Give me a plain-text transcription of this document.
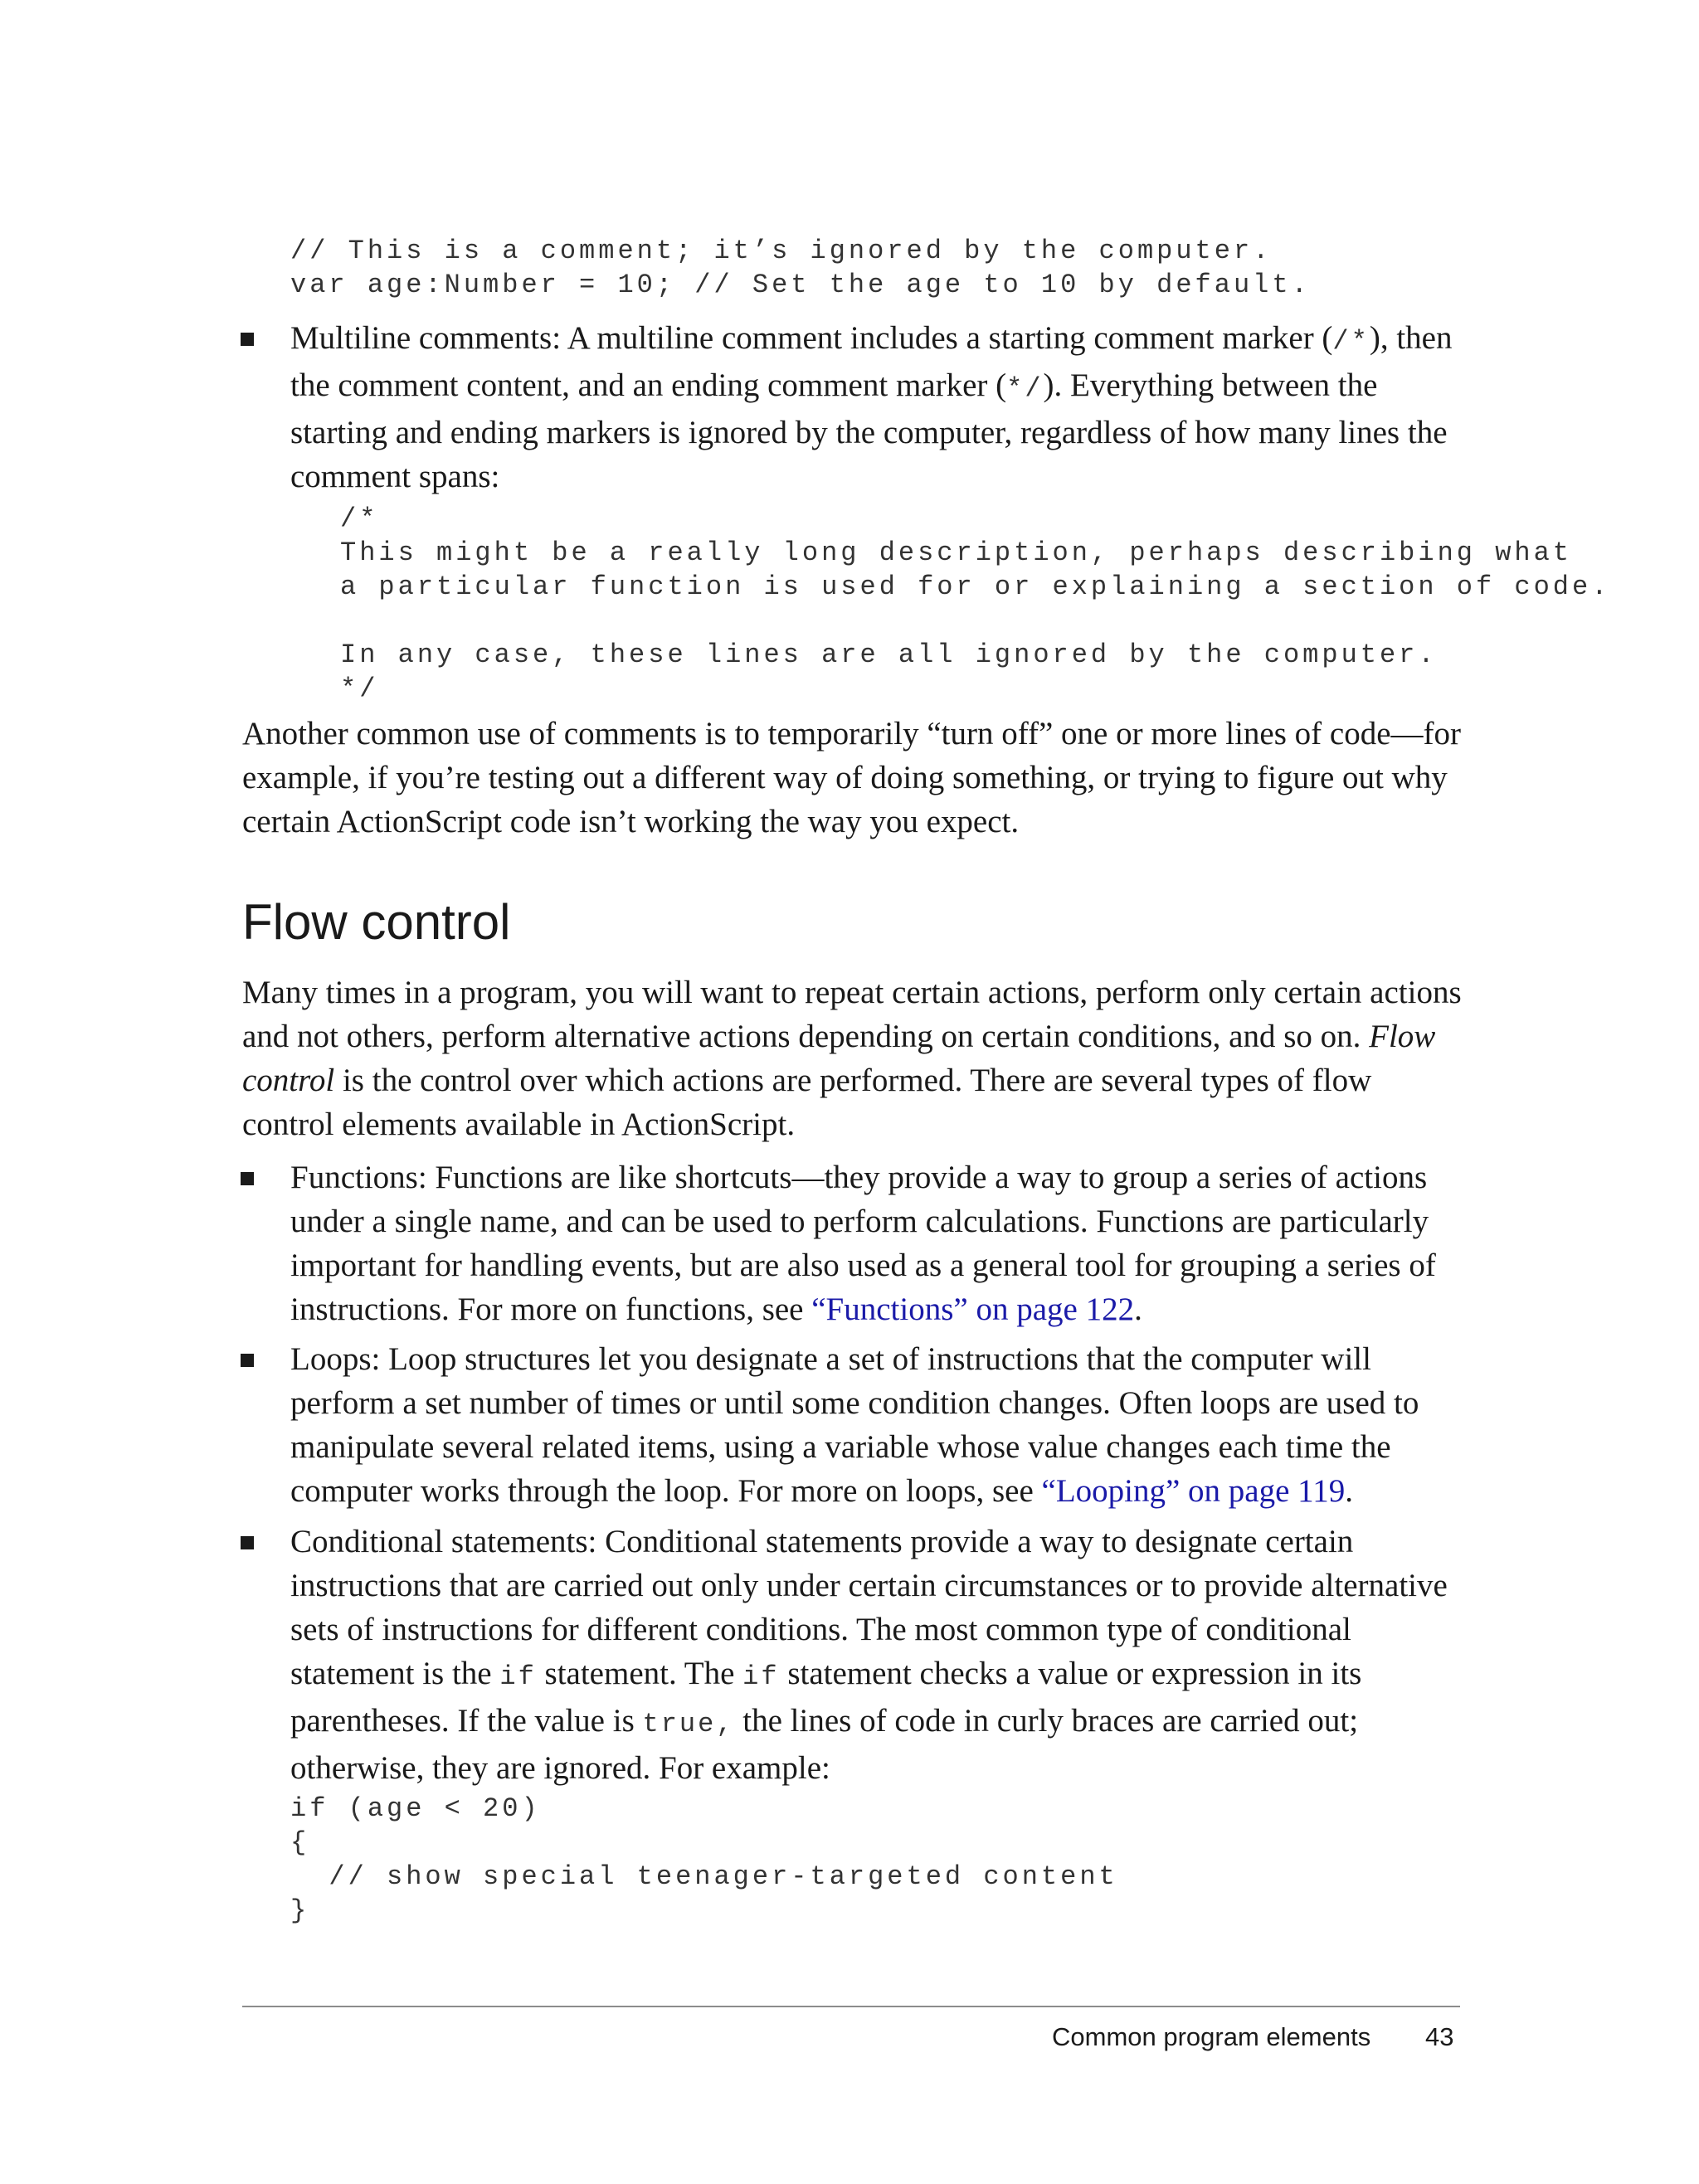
// This is a comment; it’s ignored by the computer.
var age:Number = 10; // Set the age to 10 by default.

Multiline comments: A multiline comment includes a starting comment marker (/*), then the comment content, and an ending comment marker (*/). Everything between the starting and ending markers is ignored by the computer, regardless of how many lines the comment spans:

/*
This might be a really long description, perhaps describing what
a particular function is used for or explaining a section of code.

In any case, these lines are all ignored by the computer.
*/

Another common use of comments is to temporarily “turn off” one or more lines of code—for example, if you’re testing out a different way of doing something, or trying to figure out why certain ActionScript code isn’t working the way you expect.

Flow control

Many times in a program, you will want to repeat certain actions, perform only certain actions and not others, perform alternative actions depending on certain conditions, and so on. Flow control is the control over which actions are performed. There are several types of flow control elements available in ActionScript.

Functions: Functions are like shortcuts—they provide a way to group a series of actions under a single name, and can be used to perform calculations. Functions are particularly important for handling events, but are also used as a general tool for grouping a series of instructions. For more on functions, see “Functions” on page 122.

Loops: Loop structures let you designate a set of instructions that the computer will perform a set number of times or until some condition changes. Often loops are used to manipulate several related items, using a variable whose value changes each time the computer works through the loop. For more on loops, see “Looping” on page 119.

Conditional statements: Conditional statements provide a way to designate certain instructions that are carried out only under certain circumstances or to provide alternative sets of instructions for different conditions. The most common type of conditional statement is the if statement. The if statement checks a value or expression in its parentheses. If the value is true, the lines of code in curly braces are carried out; otherwise, they are ignored. For example:

if (age < 20)
{
// show special teenager-targeted content
}
Common program elements 43
